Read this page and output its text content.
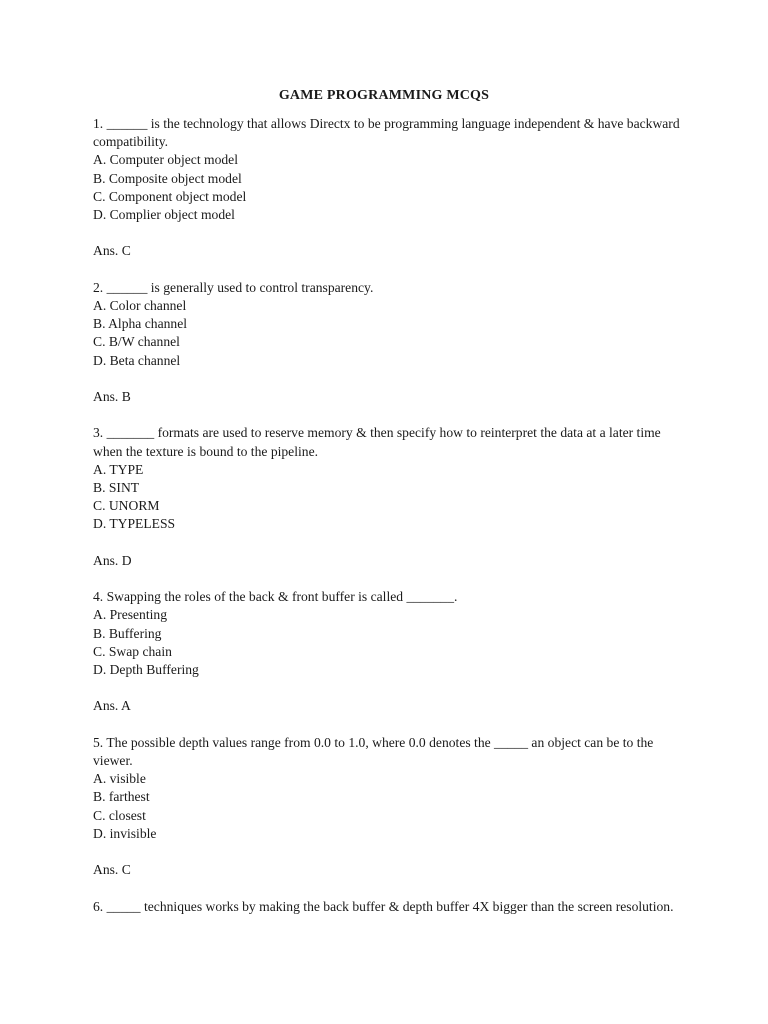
GAME PROGRAMMING MCQS

1. ______ is the technology that allows Directx to be programming language independent & have backward compatibility.

A. Computer object model
B. Composite object model
C. Component object model
D. Complier object model

Ans. C

2. ______ is generally used to control transparency.

A. Color channel
B. Alpha channel
C. B/W channel
D. Beta channel

Ans. B

3. _______ formats are used to reserve memory & then specify how to reinterpret the data at a later time when the texture is bound to the pipeline.

A. TYPE
B. SINT
C. UNORM
D. TYPELESS

Ans. D

4. Swapping the roles of the back & front buffer is called _______.

A. Presenting
B. Buffering
C. Swap chain
D. Depth Buffering

Ans. A

5. The possible depth values range from 0.0 to 1.0, where 0.0 denotes the _____ an object can be to the viewer.

A. visible
B. farthest
C. closest
D. invisible

Ans. C

6. _____ techniques works by making the back buffer & depth buffer 4X bigger than the screen resolution.
